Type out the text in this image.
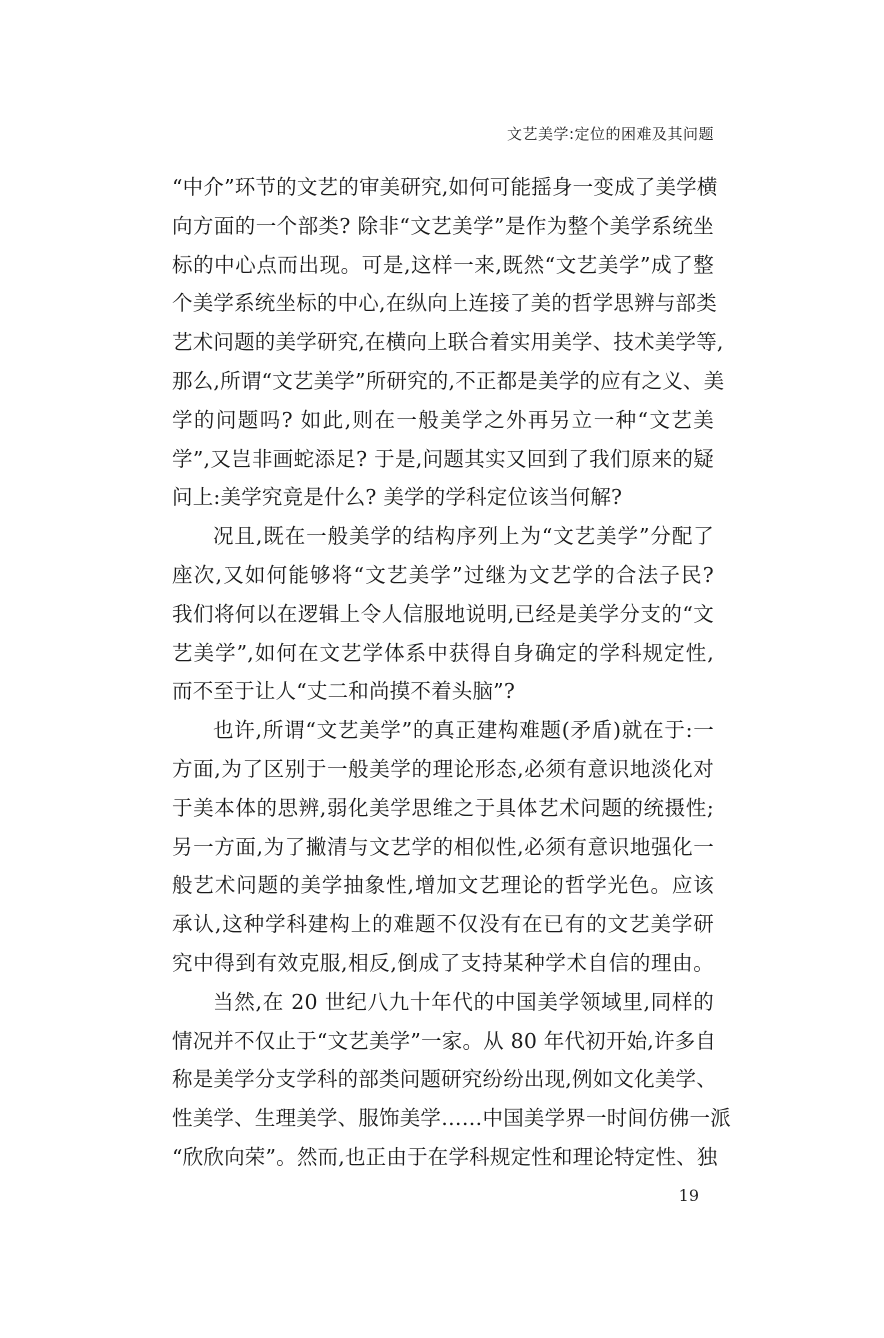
文艺美学:定位的困难及其问题
“中介”环节的文艺的审美研究,如何可能摇身一变成了美学横
向方面的一个部类? 除非“文艺美学”是作为整个美学系统坐
标的中心点而出现。可是,这样一来,既然“文艺美学”成了整
个美学系统坐标的中心,在纵向上连接了美的哲学思辨与部类
艺术问题的美学研究,在横向上联合着实用美学、技术美学等,
那么,所谓“文艺美学”所研究的,不正都是美学的应有之义、美
学的问题吗? 如此,则在一般美学之外再另立一种“文艺美
学”,又岂非画蛇添足? 于是,问题其实又回到了我们原来的疑
问上:美学究竟是什么? 美学的学科定位该当何解?
况且,既在一般美学的结构序列上为“文艺美学”分配了
座次,又如何能够将“文艺美学”过继为文艺学的合法子民?
我们将何以在逻辑上令人信服地说明,已经是美学分支的“文
艺美学”,如何在文艺学体系中获得自身确定的学科规定性,
而不至于让人“丈二和尚摸不着头脑”?
也许,所谓“文艺美学”的真正建构难题(矛盾)就在于:一
方面,为了区别于一般美学的理论形态,必须有意识地淡化对
于美本体的思辨,弱化美学思维之于具体艺术问题的统摄性;
另一方面,为了撇清与文艺学的相似性,必须有意识地强化一
般艺术问题的美学抽象性,增加文艺理论的哲学光色。应该
承认,这种学科建构上的难题不仅没有在已有的文艺美学研
究中得到有效克服,相反,倒成了支持某种学术自信的理由。
当然,在 20 世纪八九十年代的中国美学领域里,同样的
情况并不仅止于“文艺美学”一家。从 80 年代初开始,许多自
称是美学分支学科的部类问题研究纷纷出现,例如文化美学、
性美学、生理美学、服饰美学……中国美学界一时间仿佛一派
“欣欣向荣”。然而,也正由于在学科规定性和理论特定性、独
19
